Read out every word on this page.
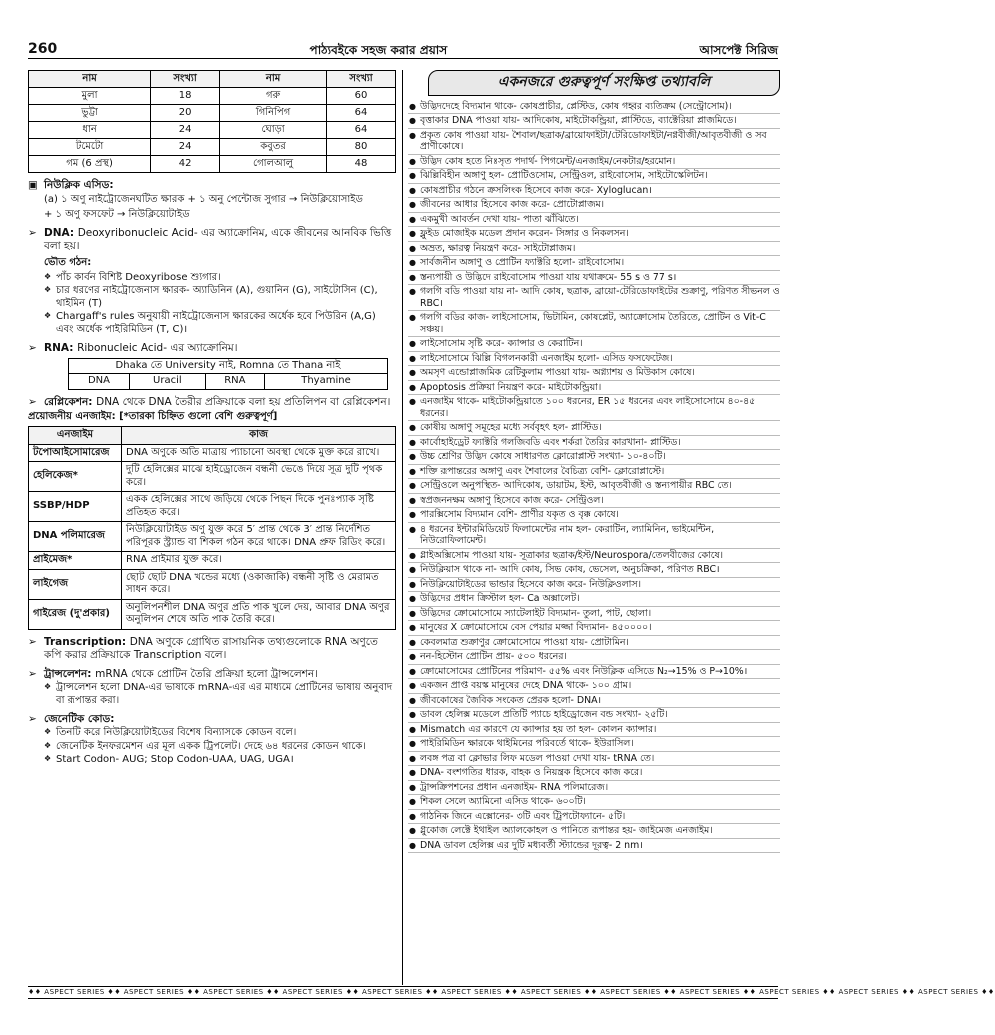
260	পাঠ্যবইকে সহজ করার প্রয়াস	আসপেক্ট সিরিজ
নাম	সংখ্যা	নাম	সংখ্যা
মুলা	18	গরু	60
ভুট্টা	20	গিনিপিগ	64
ধান	24	ঘোড়া	64
টমেটো	24	কবুতর	80
গম (6 প্রস্থ)	42	গোলআলু	48
▣ নিউক্লিক এসিড:
(a) ১ অণু নাইট্রোজেনঘটিত ক্ষারক + ১ অনু পেন্টোজ সুগার → নিউক্লিয়োসাইড
+ ১ অণু ফসফেট → নিউক্লিয়োটাইড
➢ DNA: Deoxyribonucleic Acid- এর অ্যাক্রোনিম, একে জীবনের আনবিক ভিত্তি বলা হয়।
ভৌত গঠন:
❖ পাঁচ কার্বন বিশিষ্ট Deoxyribose শ্যুগার।
❖ চার ধরণের নাইট্রোজেনাস ক্ষারক- অ্যাডিনিন (A), গুয়ানিন (G), সাইটোসিন (C), থাইমিন (T)
❖ Chargaff's rules অনুযায়ী নাইট্রোজেনাস ক্ষারকের অর্ধেক হবে পিউরিন (A,G) এবং অর্ধেক পাইরিমিডিন (T, C)।
➢ RNA: Ribonucleic Acid- এর অ্যাক্রোনিম।
Dhaka তে University নাই, Romna তে Thana নাই
DNA	Uracil	RNA	Thyamine
➢ রেপ্লিকেশন: DNA থেকে DNA তৈরীর প্রক্রিয়াকে বলা হয় প্রতিলিপন বা রেপ্লিকেশন।
প্রয়োজনীয় এনজাইম: [*তারকা চিহ্নিত গুলো বেশি গুরুত্বপূর্ণ]
এনজাইম	কাজ
টপোআইসোমারেজ	DNA অণুকে অতি মাত্রায় প্যাচানো অবস্থা থেকে মুক্ত করে রাখে।
হেলিকেজ*	দুটি হেলিক্সের মাঝে হাইড্রোজেন বন্ধনী ভেঙে দিয়ে সূত্র দুটি পৃথক করে।
SSBP/HDP	একক হেলিক্সের সাথে জড়িয়ে থেকে পিছন দিকে পুনঃপ্যাক সৃষ্টি প্রতিহত করে।
DNA পলিমারেজ	নিউক্লিয়োটাইড অণু যুক্ত করে 5′ প্রান্ত থেকে 3′ প্রান্ত নির্দেশিত পরিপূরক স্ট্র্যান্ড বা শিকল গঠন করে থাকে। DNA প্রুফ রিডিং করে।
প্রাইমেজ*	RNA প্রাইমার যুক্ত করে।
লাইগেজ	ছোট ছোট DNA খন্ডের মধ্যে (ওকাজাকি) বন্ধনী সৃষ্টি ও মেরামত সাধন করে।
গাইরেজ (দু'প্রকার)	অনুলিপনশীল DNA অণুর প্রতি পাক খুলে দেয়, আবার DNA অণুর অনুলিপন শেষে অতি পাক তৈরি করে।
➢ Transcription: DNA অণুকে গ্রোথিত রাসায়নিক তথ্যগুলোকে RNA অণুতে কপি করার প্রক্রিয়াকে Transcription বলে।
➢ ট্রান্সলেশন: mRNA থেকে প্রোটিন তৈরি প্রক্রিয়া হলো ট্রান্সলেশন।
❖ ট্রান্সলেশন হলো DNA-এর ভাষাকে mRNA-এর এর মাধ্যমে প্রোটিনের ভাষায় অনুবাদ বা রূপান্তর করা।
➢ জেনেটিক কোড:
❖ তিনটি করে নিউক্লিয়োটাইডের বিশেষ বিন্যাসকে কোডন বলে।
❖ জেনেটিক ইনফরমেশন এর মূল একক ট্রিপলেট। দেহে ৬৪ ধরনের কোডন থাকে।
❖ Start Codon- AUG; Stop Codon-UAA, UAG, UGA।
একনজরে গুরুত্বপূর্ণ সংক্ষিপ্ত তথ্যাবলি
● উদ্ভিদদেহে বিদ্যমান থাকে- কোষপ্রাচীর, প্লেস্টিড, কোষ গহ্বর ব্যতিক্রম (সেন্ট্রোসোম)।
● বৃত্তাকার DNA পাওয়া যায়- আদিকোষ, মাইটোকন্ড্রিয়া, প্লাস্টিডে, ব্যাক্টেরিয়া প্লাজমিডে।
● প্রকৃত কোষ পাওয়া যায়- শৈবাল/ছত্রাক/ব্রায়োফাইটা/টেরিডোফাইটা/নগ্নবীজী/আবৃতবীজী ও সব প্রাণীকোষে।
● উদ্ভিদ কোষ হতে নিঃসৃত পদার্থ- পিগমেন্ট/এনজাইম/নেকটার/হরমোন।
● ঝিল্লিবিহীন অঙ্গাণু হল- প্রোটিওসোম, সেন্ট্রিওল, রাইবোসোম, সাইটোস্কেলিটন।
● কোষপ্রাচীর গঠনে ক্রসলিংক হিসেবে কাজ করে- Xyloglucan।
● জীবনের আধার হিসেবে কাজ করে- প্রোটোপ্লাজম।
● একমুখী আবর্তন দেখা যায়- পাতা ঝাঁঝিতে।
● ফ্লুইড মোজাইক মডেল প্রদান করেন- সিঙ্গার ও নিকলসন।
● অভ্রত, ক্ষারত্ব নিয়ন্ত্রণ করে- সাইটোপ্লাজম।
● সার্বজনীন অঙ্গাণু ও প্রোটিন ফ্যাক্টরি হলো- রাইবোসোম।
● স্তন্যপায়ী ও উদ্ভিদে রাইবোসোম পাওয়া যায় যথাক্রমে- 55 s ও 77 s।
● গলগি বডি পাওয়া যায় না- আদি কোষ, ছত্রাক, ব্রায়ো-টেরিডোফাইটের শুক্রাণু, পরিণত সীভনল ও RBC।
● গলগি বডির কাজ- লাইসোসোম, ভিটামিন, কোষপ্লেট, অ্যাক্রোসোম তৈরিতে, প্রোটিন ও Vit-C সঞ্চয়।
● লাইসোসোম সৃষ্টি করে- ক্যান্সার ও কেরাটিন।
● লাইসোসোমে ঝিল্লি বিগলনকারী এনজাইম হলো- এসিড ফসফেটেজ।
● অমসৃণ এন্ডোপ্লাজমিক রেটিকুলাম পাওয়া যায়- অগ্ন্যাশয় ও মিউকাস কোষে।
● Apoptosis প্রক্রিয়া নিয়ন্ত্রণ করে- মাইটোকন্ড্রিয়া।
● এনজাইম থাকে- মাইটোকন্ড্রিয়াতে ১০০ ধরনের, ER ১৫ ধরনের এবং লাইসোসোমে ৪০-৪৫ ধরনের।
● কোষীয় অঙ্গাণু সমূহের মধ্যে সর্ববৃহৎ হল- প্লাস্টিড।
● কার্বোহাইড্রেট ফ্যাক্টরি গলজিবডি এবং শর্করা তৈরির কারখানা- প্লাস্টিড।
● উচ্চ শ্রেণির উদ্ভিদ কোষে সাধারণত ক্লোরোপ্লাস্ট সংখ্যা- ১০-৪০টি।
● শক্তি রূপান্তরের অঙ্গাণু এবং শৈবালের বৈচিত্র্য বেশি- ক্লোরোপ্লাস্টে।
● সেন্ট্রিওলে অনুপস্থিত- আদিকোষ, ডায়াটম, ইস্ট, আবৃতবীজী ও স্তন্যপায়ীর RBC তে।
● স্বপ্রজননক্ষম অঙ্গাণু হিসেবে কাজ করে- সেন্ট্রিওল।
● পারক্সিসোম বিদ্যমান বেশি- প্রাণীর যকৃত ও বৃক্ক কোষে।
● ৪ ধরনের ইন্টারমিডিয়েট ফিলামেন্টের নাম হল- কেরাটিন, ল্যামিনিন, ভাইমেন্টিন, নিউরোফিলামেন্ট।
● গ্লাইঅক্সিসোম পাওয়া যায়- সূত্রাকার ছত্রাক/ইস্ট/Neurospora/তেলবীজের কোষে।
● নিউক্লিয়াস থাকে না- আদি কোষ, সিভ কোষ, ভেসেল, অনুচক্রিকা, পরিণত RBC।
● নিউক্লিয়োটাইডের ভান্ডার হিসেবে কাজ করে- নিউক্লিওলাস।
● উদ্ভিদের প্রধান ক্রিস্টাল হল- Ca অক্সালেট।
● উদ্ভিদের ক্রোমোসোমে স্যাটেলাইট বিদ্যমান- তুলা, পাট, ছোলা।
● মানুষের X ক্রোমোসোমে বেস পেয়ার মজ্জা বিদ্যমান- ৪৫০০০০।
● কেবলমাত্র শুক্রাণুর ক্রোমোসোমে পাওয়া যায়- প্রোটামিন।
● নন-হিস্টোন প্রোটিন প্রায়- ৫০০ ধরনের।
● ক্রোমোসোমের প্রোটিনের পরিমাণ- ৫৫% এবং নিউক্লিক এসিডে N₂→15% ও P→10%।
● একজন প্রাপ্ত বয়স্ক মানুষের দেহে DNA থাকে- ১০০ গ্রাম।
● জীবকোষের জৈবিক সংকেত প্রেরক হলো- DNA।
● ডাবল হেলিক্স মডেলে প্রতিটি প্যাচে হাইড্রোজেন বন্ড সংখ্যা- ২৫টি।
● Mismatch এর কারণে যে ক্যান্সার হয় তা হল- কোলন ক্যান্সার।
● পাইরিমিডিন ক্ষারকে থাইমিনের পরিবর্তে থাকে- ইউরাসিল।
● লবঙ্গ পত্র বা ক্লোভার লিফ মডেল পাওয়া দেখা যায়- tRNA তে।
● DNA- বংশগতির ধারক, বাহক ও নিয়ন্ত্রক হিসেবে কাজ করে।
● ট্রান্সক্রিপশনের প্রধান এনজাইম- RNA পলিমারেজ।
● শিকল সেলে অ্যামিনো এসিড থাকে- ৬০০টি।
● গাঠনিক জিনে এক্সোনের- ৩টি এবং ট্রিপটোফ্যানে- ৫টি।
● গ্লুকোজ লেক্টে ইথাইল অ্যালকোহল ও পানিতে রূপান্তর হয়- জাইমেজ এনজাইম।
● DNA ডাবল হেলিক্স এর দুটি মধ্যবর্তী স্ট্যান্ডের দূরত্ব- 2 nm।
♦♦ ASPECT SERIES ♦♦ ASPECT SERIES ♦♦ ASPECT SERIES ♦♦ ASPECT SERIES ♦♦ ASPECT SERIES ♦♦ ASPECT SERIES ♦♦ ASPECT SERIES ♦♦ ASPECT SERIES ♦♦ ASPECT SERIES ♦♦ ASPECT SERIES ♦♦ ASPECT SERIES ♦♦ ASPECT SERIES ♦♦
